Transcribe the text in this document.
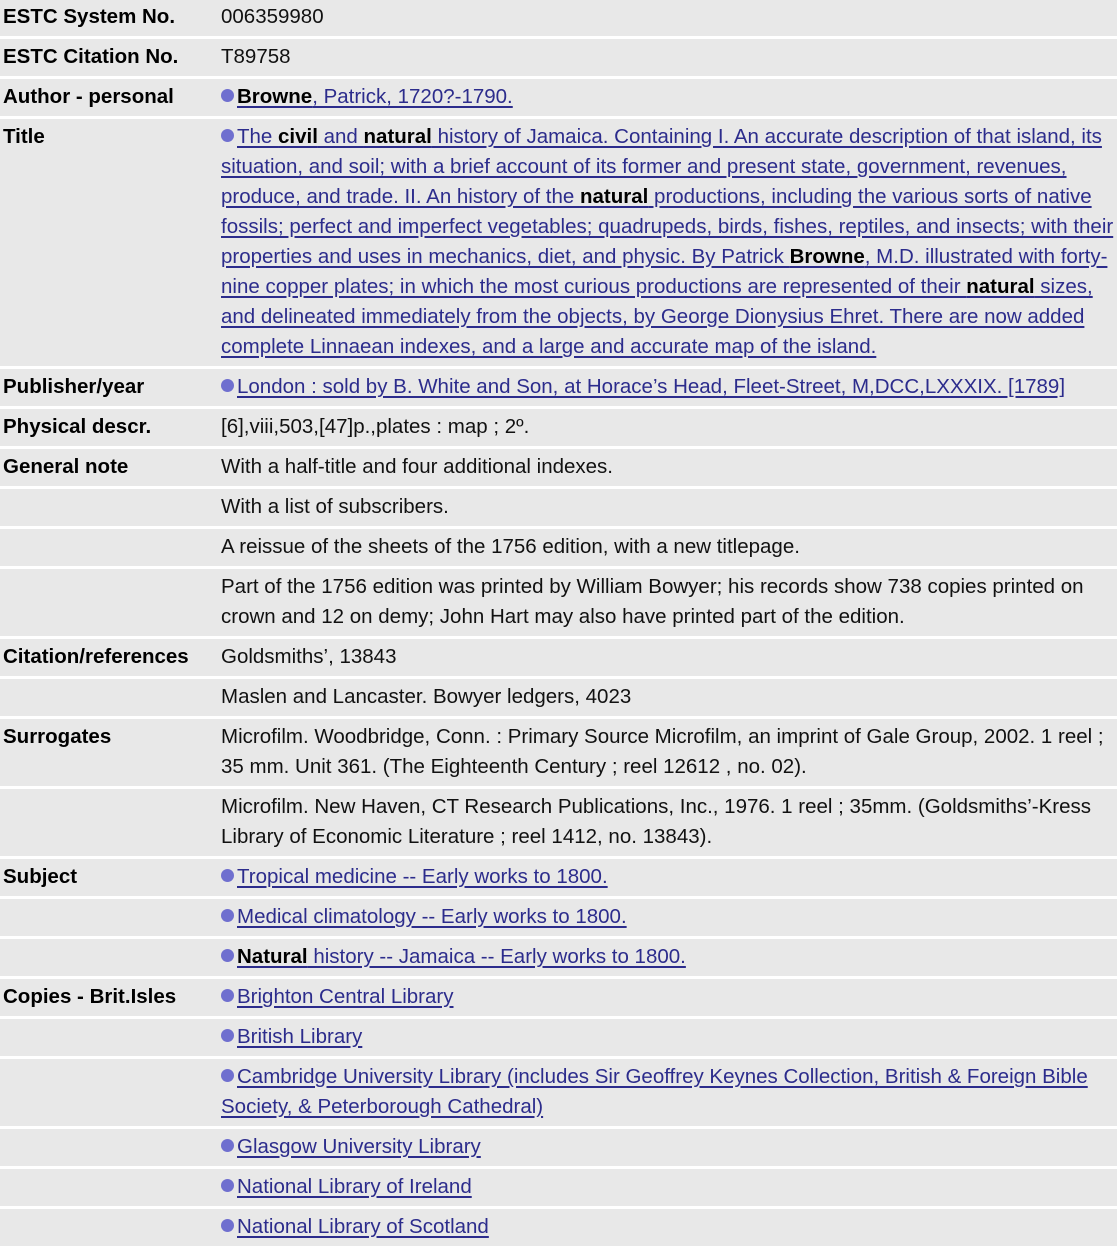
ESTC System No.	006359980
ESTC Citation No.	T89758
Author - personal	Browne, Patrick, 1720?-1790.
Title	The civil and natural history of Jamaica. Containing I. An accurate description of that island, its situation, and soil; with a brief account of its former and present state, government, revenues, produce, and trade. II. An history of the natural productions, including the various sorts of native fossils; perfect and imperfect vegetables; quadrupeds, birds, fishes, reptiles, and insects; with their properties and uses in mechanics, diet, and physic. By Patrick Browne, M.D. illustrated with forty-nine copper plates; in which the most curious productions are represented of their natural sizes, and delineated immediately from the objects, by George Dionysius Ehret. There are now added complete Linnaean indexes, and a large and accurate map of the island.
Publisher/year	London : sold by B. White and Son, at Horace’s Head, Fleet-Street, M,DCC,LXXXIX. [1789]
Physical descr.	[6],viii,503,[47]p.,plates : map ; 2º.
General note	With a half-title and four additional indexes.
	With a list of subscribers.
	A reissue of the sheets of the 1756 edition, with a new titlepage.
	Part of the 1756 edition was printed by William Bowyer; his records show 738 copies printed on crown and 12 on demy; John Hart may also have printed part of the edition.
Citation/references	Goldsmiths’, 13843
	Maslen and Lancaster. Bowyer ledgers, 4023
Surrogates	Microfilm. Woodbridge, Conn. : Primary Source Microfilm, an imprint of Gale Group, 2002. 1 reel ; 35 mm. Unit 361. (The Eighteenth Century ; reel 12612 , no. 02).
	Microfilm. New Haven, CT Research Publications, Inc., 1976. 1 reel ; 35mm. (Goldsmiths’-Kress Library of Economic Literature ; reel 1412, no. 13843).
Subject	Tropical medicine -- Early works to 1800.
	Medical climatology -- Early works to 1800.
	Natural history -- Jamaica -- Early works to 1800.
Copies - Brit.Isles	Brighton Central Library
	British Library
	Cambridge University Library (includes Sir Geoffrey Keynes Collection, British & Foreign Bible Society, & Peterborough Cathedral)
	Glasgow University Library
	National Library of Ireland
	National Library of Scotland
